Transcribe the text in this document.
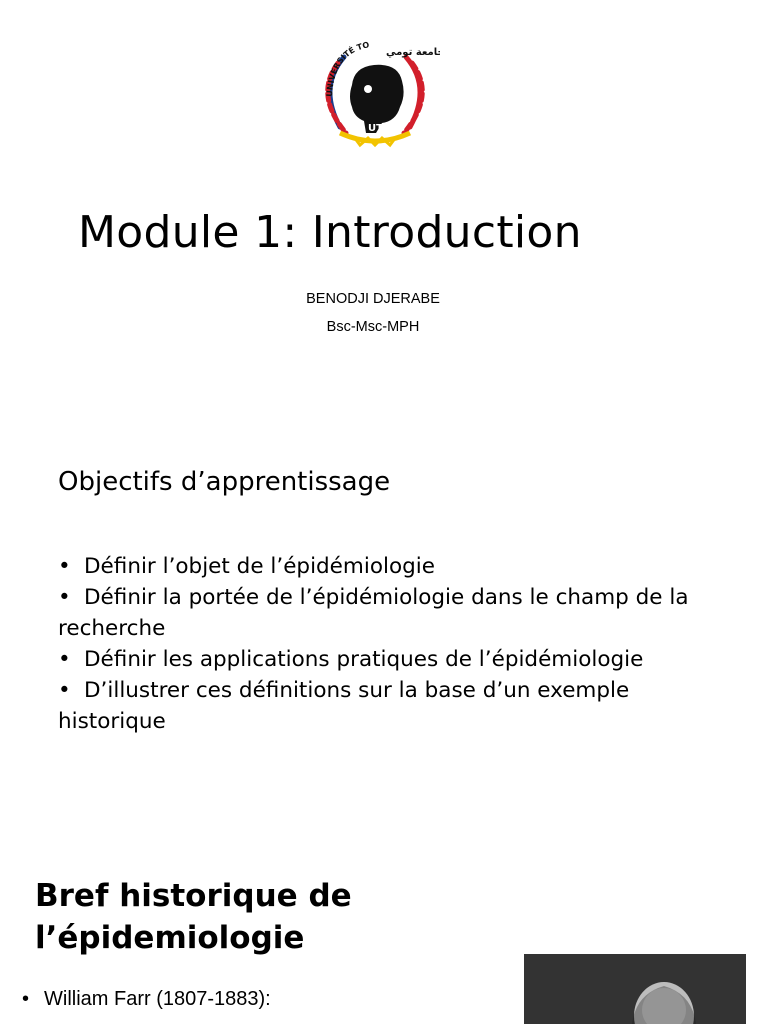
UT
UNIVERSITÉ TO
جامعة تومي
Module 1: Introduction
BENODJI DJERABE
Bsc-Msc-MPH
Objectifs d’apprentissage
• Définir l’objet de l’épidémiologie
• Définir la portée de l’épidémiologie dans le champ de la recherche
• Définir les applications pratiques de l’épidémiologie
• D’illustrer ces définitions sur la base d’un exemple historique
Bref historique de
l’épidemiologie
• William Farr (1807-1883):
